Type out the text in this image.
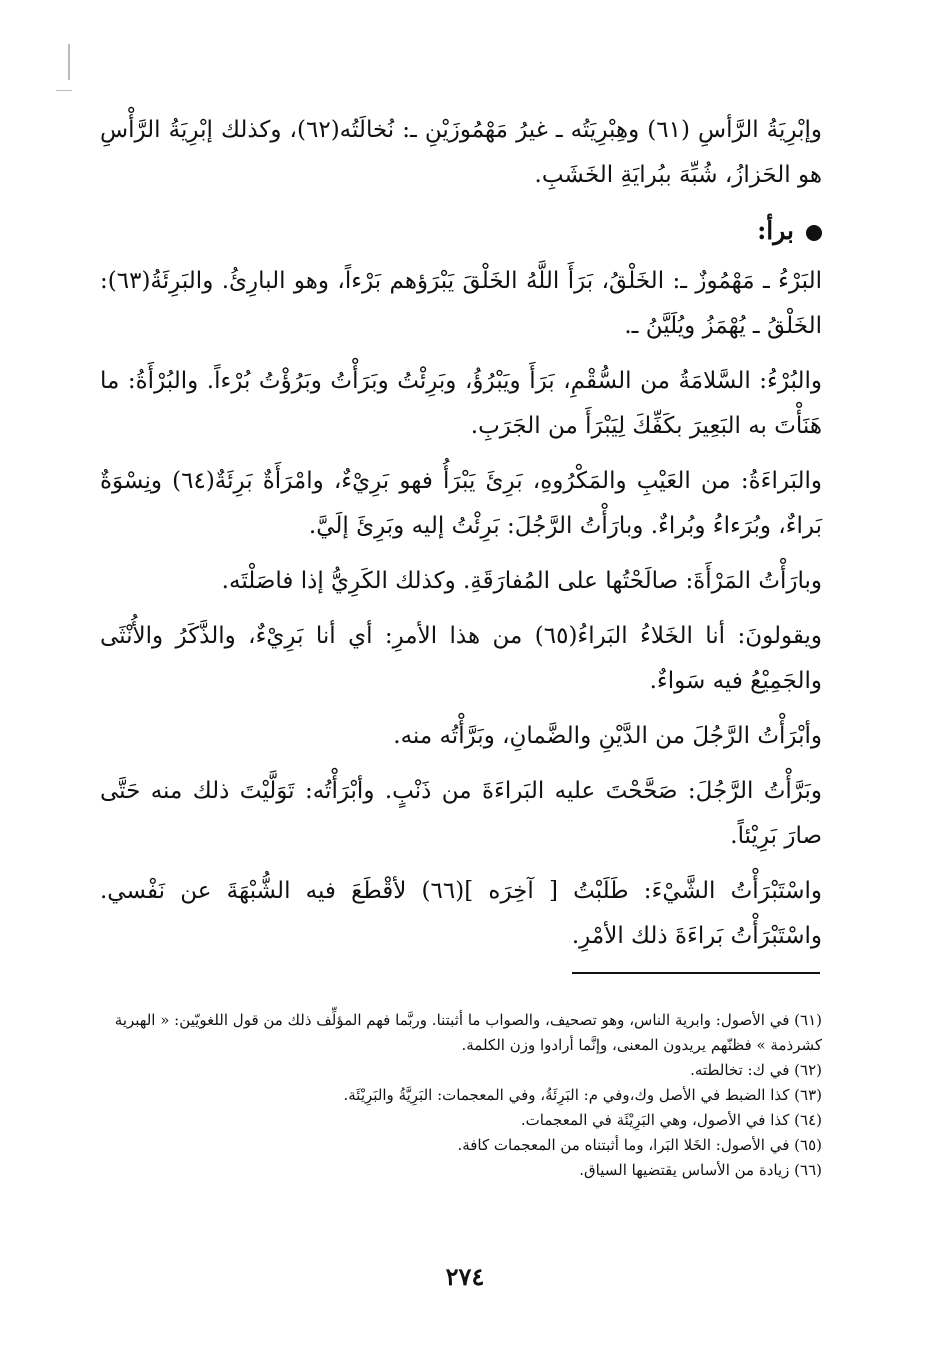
وإبْرِيَةُ الرَّأسِ (٦١) وهِبْرِيَتُه ـ غيرُ مَهْمُوزَيْنِ ـ: نُخالَتُه(٦٢)، وكذلك إبْرِيَةُ الرَّأْسِ هو الحَزازُ، شُبِّهَ ببُرايَةِ الخَشَبِ.

برأ:

البَرْءُ ـ مَهْمُوزٌ ـ: الخَلْقُ، بَرَأَ اللَّهُ الخَلْقَ يَبْرَؤهم بَرْءاً، وهو البارِئُ. والبَرِئَةُ(٦٣): الخَلْقُ ـ يُهْمَزُ ويُلَيَّنُ ـ.

والبُرْءُ: السَّلامَةُ من السُّقْمِ، بَرَأَ ويَبْرُؤُ، وبَرِئْتُ وبَرَأْتُ وبَرُؤْتُ بُرْءاً. والبُرْأَةُ: ما هَنَأْتَ به البَعِيرَ بكَفِّكَ لِيَبْرَأَ من الجَرَبِ.

والبَراءَةُ: من العَيْبِ والمَكْرُوهِ، بَرِئَ يَبْرَأُ فهو بَرِيْءٌ، وامْرَأَةٌ بَرِئَةٌ(٦٤) ونِسْوَةٌ بَراءٌ، وبُرَءاءُ وبُراءٌ. وبارَأْتُ الرَّجُلَ: بَرِئْتُ إليه وبَرِئَ إلَيَّ.

وبارَأْتُ المَرْأَةَ: صالَحْتُها على المُفارَقَةِ. وكذلك الكَرِيُّ إذا فاصَلْتَه.

ويقولونَ: أنا الخَلاءُ البَراءُ(٦٥) من هذا الأمرِ: أي أنا بَرِيْءٌ، والذَّكَرُ والأُنْثَى والجَمِيْعُ فيه سَواءٌ.

وأبْرَأْتُ الرَّجُلَ من الدَّيْنِ والضَّمانِ، وبَرَّأْتُه منه.

وبَرَّأْتُ الرَّجُلَ: صَحَّحْتَ عليه البَراءَةَ من ذَنْبٍ. وأبْرَأْتُه: تَوَلَّيْتَ ذلك منه حَتَّى صارَ بَرِيْئاً.

واسْتَبْرَأْتُ الشَّيْءَ: طَلَبْتُ [ آخِرَه ](٦٦) لأقْطَعَ فيه الشُّبْهَةَ عن نَفْسي. واسْتَبْرَأْتُ بَراءَةَ ذلك الأمْرِ.

(٦١) في الأصول: وابرية الناس، وهو تصحيف، والصواب ما أثبتنا. وربَّما فهم المؤلِّف ذلك من قول اللغويّين: « الهبرية كشرذمة » فظنّهم يريدون المعنى، وإنَّما أرادوا وزن الكلمة.

(٦٢) في ك: تخالطته.

(٦٣) كذا الضبط في الأصل وك،وفي م: البَرِئَةُ، وفي المعجمات: البَرِيَّةُ والبَرِيْئَة.

(٦٤) كذا في الأصول، وهي البَرِيْئَة في المعجمات.

(٦٥) في الأصول: الخَلا البَرا، وما أثبتناه من المعجمات كافة.

(٦٦) زيادة من الأساس يقتضيها السياق.

٢٧٤
